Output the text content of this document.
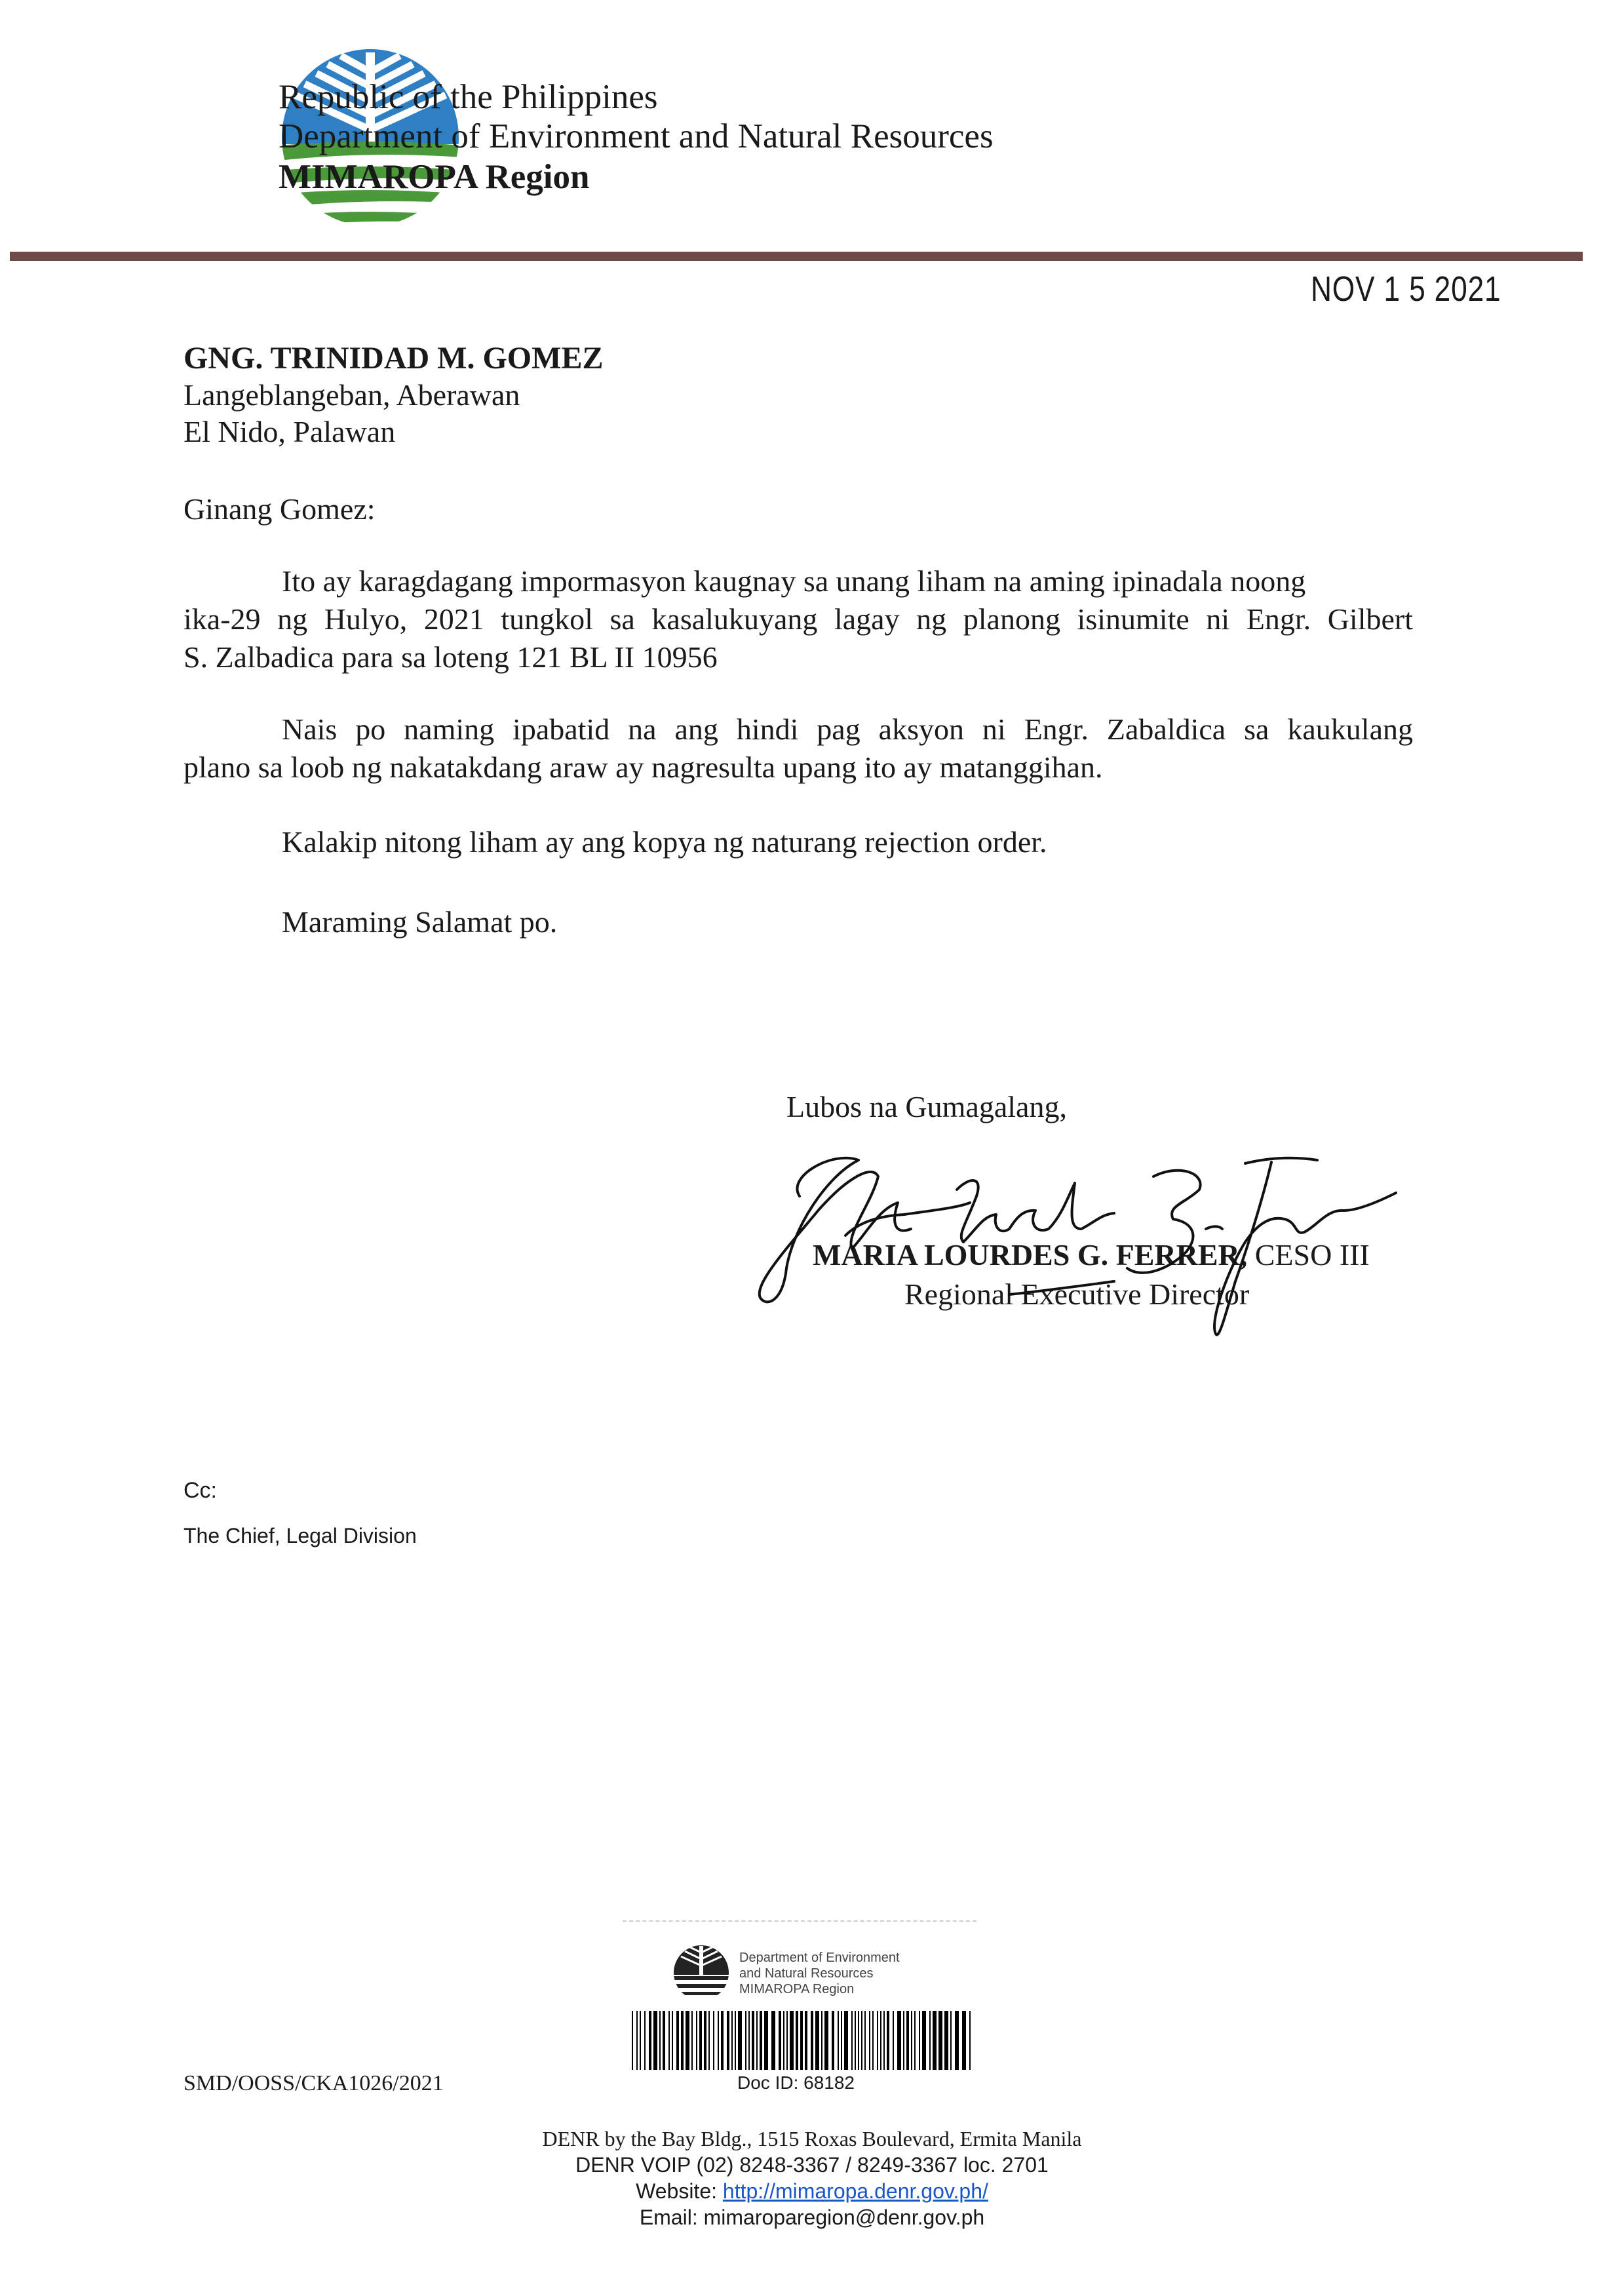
Republic of the Philippines
Department of Environment and Natural Resources
MIMAROPA Region
NOV 1 5 2021
GNG. TRINIDAD M. GOMEZ
Langeblangeban, Aberawan
El Nido, Palawan
Ginang Gomez:
Ito ay karagdagang impormasyon kaugnay sa unang liham na aming ipinadala noong
ika-29 ng Hulyo, 2021 tungkol sa kasalukuyang lagay ng planong isinumite ni Engr. Gilbert
S. Zalbadica para sa loteng 121 BL II 10956
Nais po naming ipabatid na ang hindi pag aksyon ni Engr. Zabaldica sa kaukulang
plano sa loob ng nakatakdang araw ay nagresulta upang ito ay matanggihan.
Kalakip nitong liham ay ang kopya ng naturang rejection order.
Maraming Salamat po.
Lubos na Gumagalang,
MARIA LOURDES G. FERRER, CESO III
Regional Executive Director
Cc:
The Chief, Legal Division
SMD/OOSS/CKA1026/2021
Department of Environment
and Natural Resources
MIMAROPA Region
Doc ID: 68182
DENR by the Bay Bldg., 1515 Roxas Boulevard, Ermita Manila
DENR VOIP (02) 8248-3367 / 8249-3367 loc. 2701
Website: http://mimaropa.denr.gov.ph/
Email: mimaroparegion@denr.gov.ph
